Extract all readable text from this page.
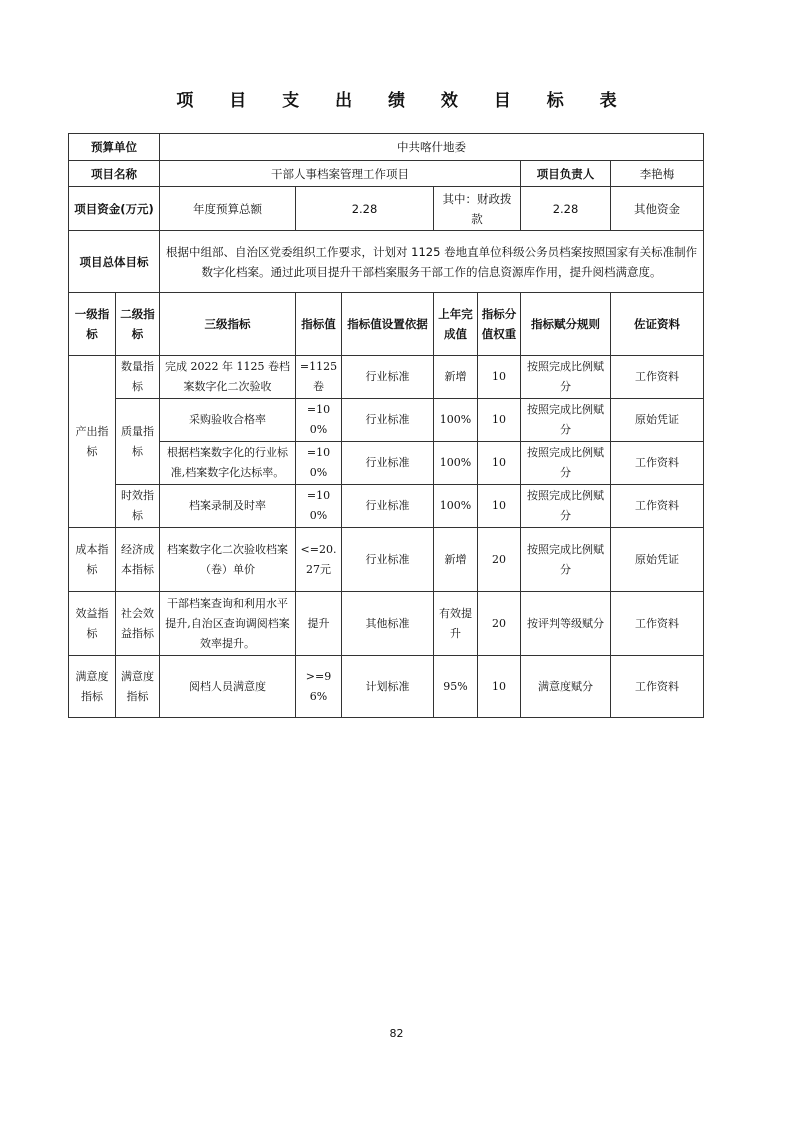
项 目 支 出 绩 效 目 标 表
预算单位		中共喀什地委						
项目名称		干部人事档案管理工作项目					项目负责人	李艳梅
项目资金(万元)		年度预算总额	2.28		其中：财政拨款		2.28	其他资金
项目总体目标		根据中组部、自治区党委组织工作要求，计划对 1125 卷地直单位科级公务员档案按照国家有关标准制作数字化档案。通过此项目提升干部档案服务干部工作的信息资源库作用，提升阅档满意度。						
一级指标	二级指标	三级指标	指标值	指标值设置依据	上年完成值	指标分值权重	指标赋分规则	佐证资料
产出指标	数量指标	完成 2022 年 1125 卷档案数字化二次验收	=1125卷	行业标准	新增	10	按照完成比例赋分	工作资料
	质量指标	采购验收合格率	=100%	行业标准	100%	10	按照完成比例赋分	原始凭证
		根据档案数字化的行业标准,档案数字化达标率。	=100%	行业标准	100%	10	按照完成比例赋分	工作资料
	时效指标	档案录制及时率	=100%	行业标准	100%	10	按照完成比例赋分	工作资料
成本指标	经济成本指标	档案数字化二次验收档案（卷）单价	<=20.27元	行业标准	新增	20	按照完成比例赋分	原始凭证
效益指标	社会效益指标	干部档案查询和利用水平提升,自治区查询调阅档案效率提升。	提升	其他标准	有效提升	20	按评判等级赋分	工作资料
满意度指标	满意度指标	阅档人员满意度	>=96%	计划标准	95%	10	满意度赋分	工作资料
82
